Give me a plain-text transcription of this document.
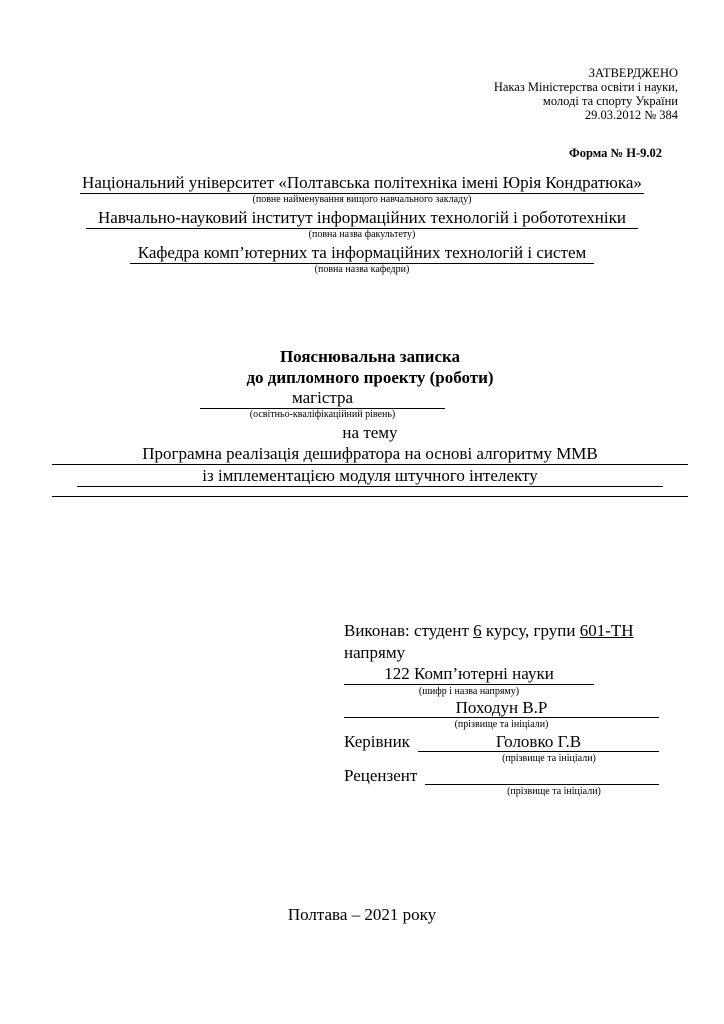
ЗАТВЕРДЖЕНО
Наказ Міністерства освіти і науки,
молоді та спорту України
29.03.2012 № 384
Форма № Н-9.02
Національний університет «Полтавська політехніка імені Юрія Кондратюка»
(повне найменування вищого навчального закладу)
Навчально-науковий інститут інформаційних технологій і робототехніки
(повна назва факультету)
Кафедра комп’ютерних та інформаційних технологій і систем
(повна назва кафедри)
Пояснювальна записка
до дипломного проекту (роботи)
магістра
(освітньо-кваліфікаційний рівень)
на тему
Програмна реалізація дешифратора на основі алгоритму ММВ
із імплементацією модуля штучного інтелекту
Виконав: студент 6 курсу, групи 601-ТН
напряму
122 Комп’ютерні науки
(шифр і назва напряму)
Походун В.Р
(прізвище та ініціали)
Керівник	Головко Г.В
(прізвище та ініціали)
Рецензент
(прізвище та ініціали)
Полтава – 2021 року
